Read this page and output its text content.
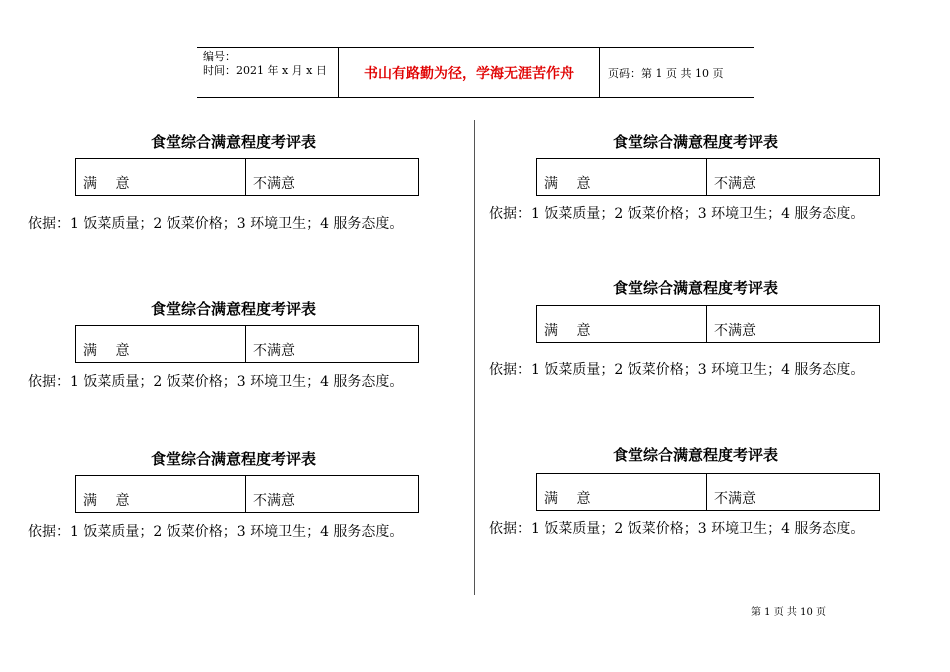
编号：
时间：2021 年 x 月 x 日	书山有路勤为径，学海无涯苦作舟	页码：第 1 页 共 10 页
食堂综合满意程度考评表
满　 意	不满意
依据：1 饭菜质量；2 饭菜价格；3 环境卫生；4 服务态度。
食堂综合满意程度考评表
满　 意	不满意
依据：1 饭菜质量；2 饭菜价格；3 环境卫生；4 服务态度。
食堂综合满意程度考评表
满　 意	不满意
依据：1 饭菜质量；2 饭菜价格；3 环境卫生；4 服务态度。
食堂综合满意程度考评表
满　 意	不满意
依据：1 饭菜质量；2 饭菜价格；3 环境卫生；4 服务态度。
食堂综合满意程度考评表
满　 意	不满意
依据：1 饭菜质量；2 饭菜价格；3 环境卫生；4 服务态度。
食堂综合满意程度考评表
满　 意	不满意
依据：1 饭菜质量；2 饭菜价格；3 环境卫生；4 服务态度。
第 1 页 共 10 页
